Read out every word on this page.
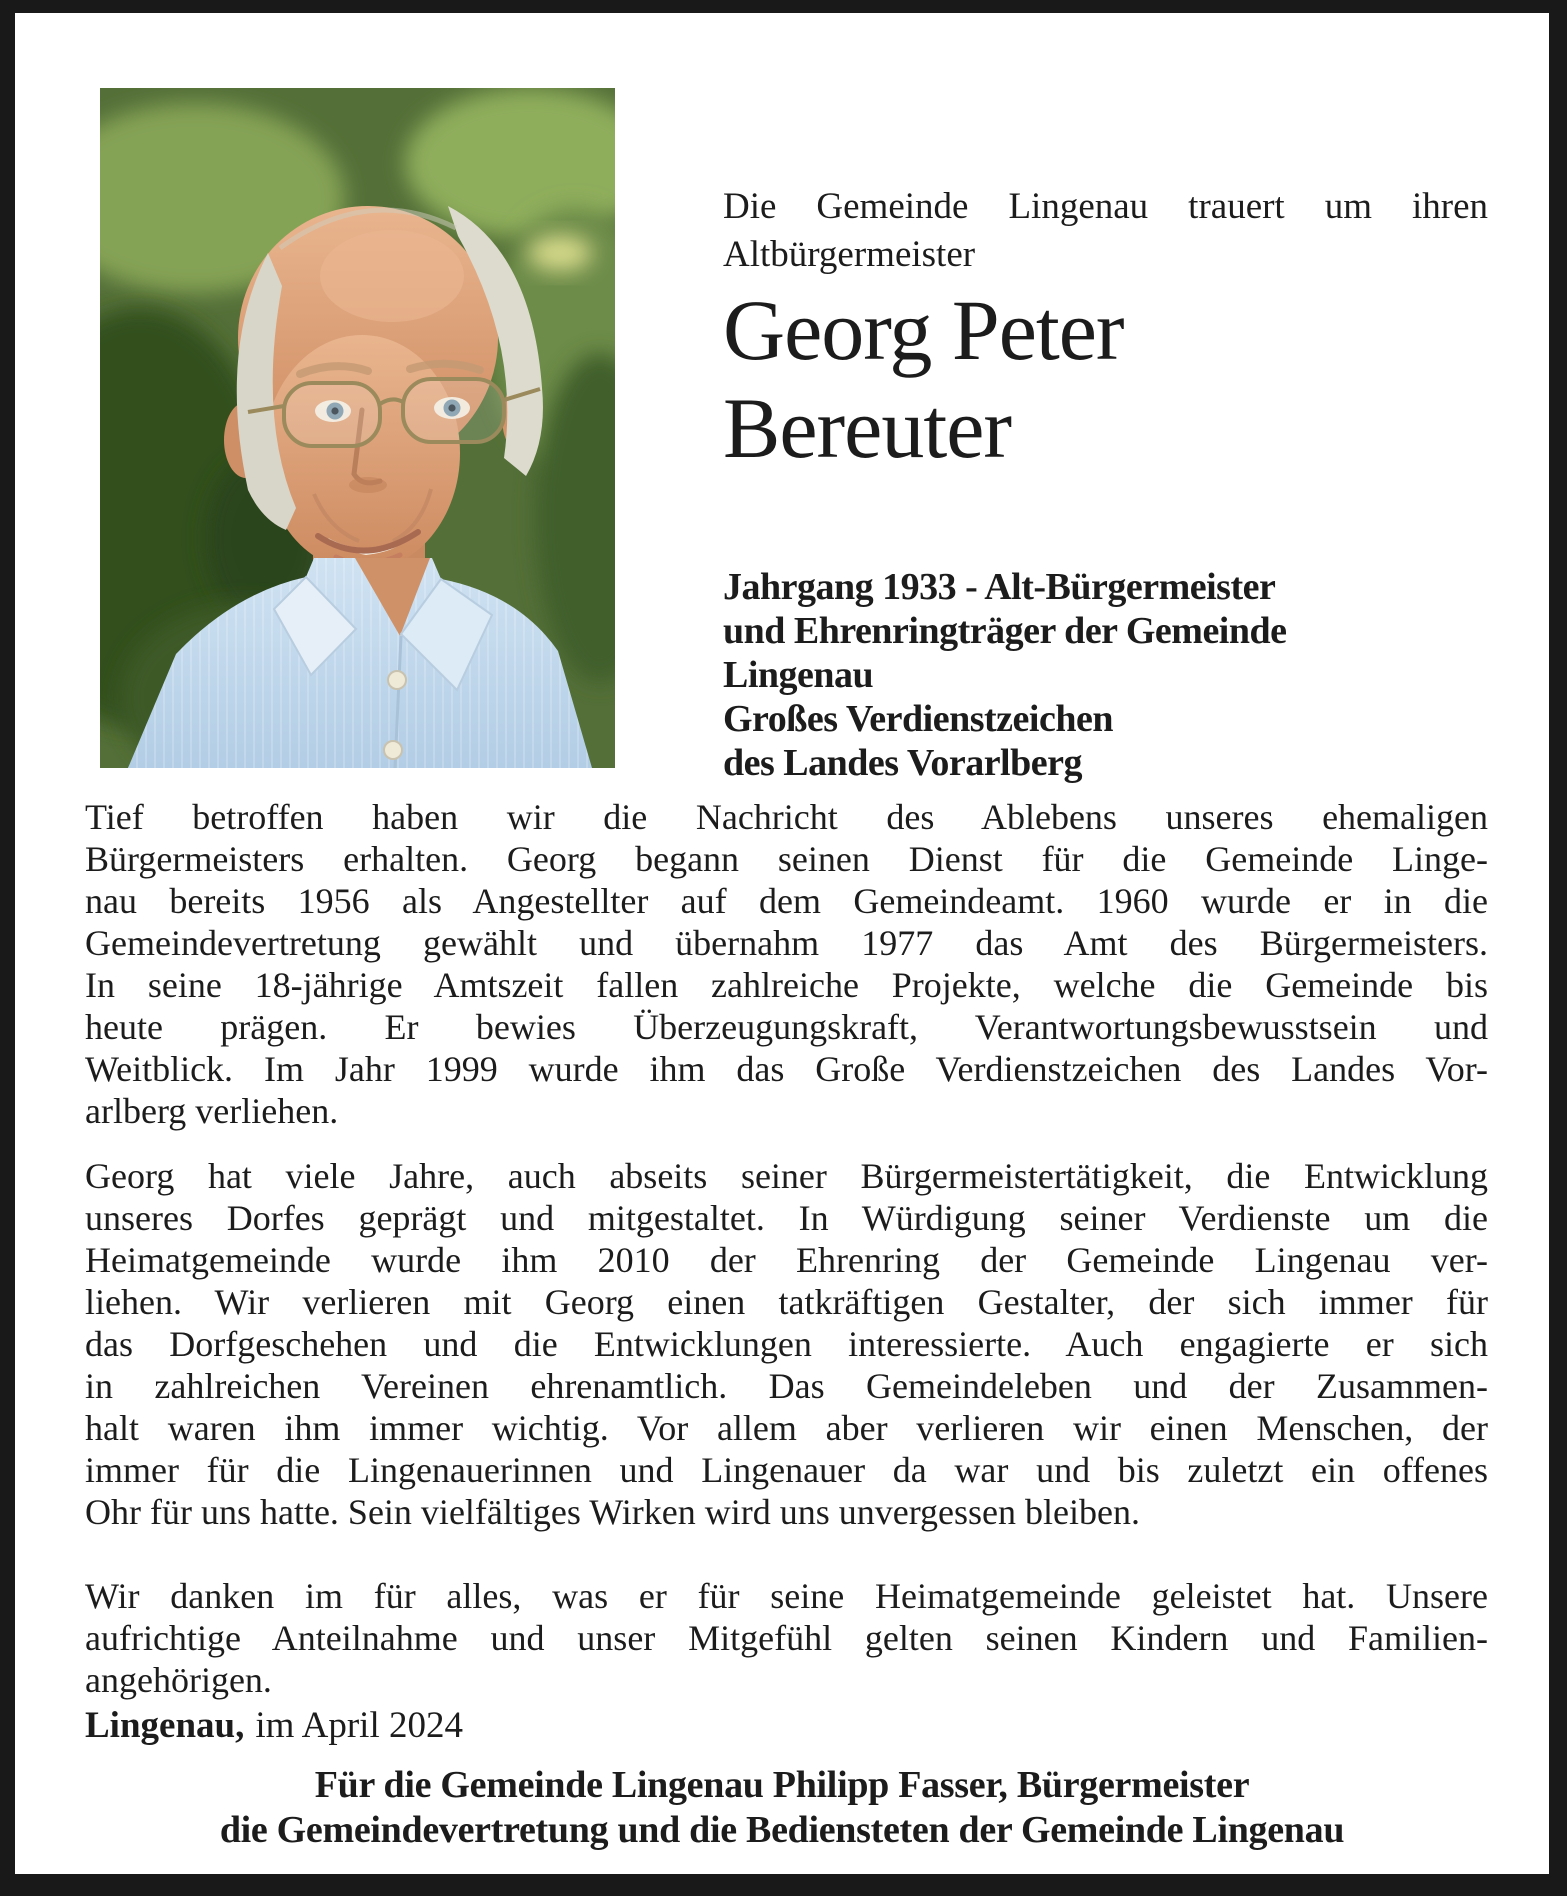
Die Gemeinde Lingenau trauert um ihren
Altbürgermeister
Georg Peter
Bereuter
Jahrgang 1933 - Alt-Bürgermeister
und Ehrenringträger der Gemeinde
Lingenau
Großes Verdienstzeichen
des Landes Vorarlberg
Tief betroffen haben wir die Nachricht des Ablebens unseres ehemaligen
Bürgermeisters erhalten. Georg begann seinen Dienst für die Gemeinde Linge-
nau bereits 1956 als Angestellter auf dem Gemeindeamt. 1960 wurde er in die
Gemeindevertretung gewählt und übernahm 1977 das Amt des Bürgermeisters.
In seine 18-jährige Amtszeit fallen zahlreiche Projekte, welche die Gemeinde bis
heute prägen. Er bewies Überzeugungskraft, Verantwortungsbewusstsein und
Weitblick. Im Jahr 1999 wurde ihm das Große Verdienstzeichen des Landes Vor-
arlberg verliehen.
Georg hat viele Jahre, auch abseits seiner Bürgermeistertätigkeit, die Entwicklung
unseres Dorfes geprägt und mitgestaltet. In Würdigung seiner Verdienste um die
Heimatgemeinde wurde ihm 2010 der Ehrenring der Gemeinde Lingenau ver-
liehen. Wir verlieren mit Georg einen tatkräftigen Gestalter, der sich immer für
das Dorfgeschehen und die Entwicklungen interessierte. Auch engagierte er sich
in zahlreichen Vereinen ehrenamtlich. Das Gemeindeleben und der Zusammen-
halt waren ihm immer wichtig. Vor allem aber verlieren wir einen Menschen, der
immer für die Lingenauerinnen und Lingenauer da war und bis zuletzt ein offenes
Ohr für uns hatte. Sein vielfältiges Wirken wird uns unvergessen bleiben.
Wir danken im für alles, was er für seine Heimatgemeinde geleistet hat. Unsere
aufrichtige Anteilnahme und unser Mitgefühl gelten seinen Kindern und Familien-
angehörigen.
Lingenau, im April 2024
Für die Gemeinde Lingenau Philipp Fasser, Bürgermeister
die Gemeindevertretung und die Bediensteten der Gemeinde Lingenau
